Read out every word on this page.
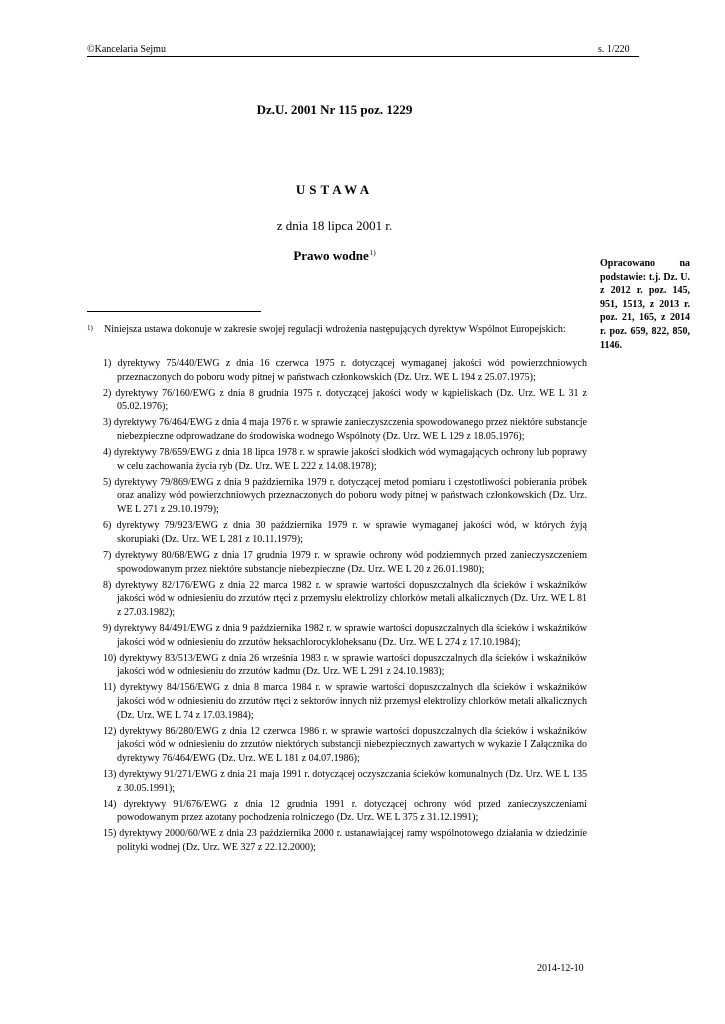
©Kancelaria Sejmu	s. 1/220
Dz.U. 2001 Nr 115 poz. 1229
USTAWA
z dnia 18 lipca 2001 r.
Prawo wodne$^{1)}$
Opracowano na podstawie: t.j. Dz. U. z 2012 r. poz. 145, 951, 1513, z 2013 r. poz. 21, 165, z 2014 r. poz. 659, 822, 850, 1146.
1) Niniejsza ustawa dokonuje w zakresie swojej regulacji wdrożenia następujących dyrektyw Wspólnot Europejskich:
1) dyrektywy 75/440/EWG z dnia 16 czerwca 1975 r. dotyczącej wymaganej jakości wód powierzchniowych przeznaczonych do poboru wody pitnej w państwach członkowskich (Dz. Urz. WE L 194 z 25.07.1975);
2) dyrektywy 76/160/EWG z dnia 8 grudnia 1975 r. dotyczącej jakości wody w kąpieliskach (Dz. Urz. WE L 31 z 05.02.1976);
3) dyrektywy 76/464/EWG z dnia 4 maja 1976 r. w sprawie zanieczyszczenia spowodowanego przez niektóre substancje niebezpieczne odprowadzane do środowiska wodnego Wspólnoty (Dz. Urz. WE L 129 z 18.05.1976);
4) dyrektywy 78/659/EWG z dnia 18 lipca 1978 r. w sprawie jakości słodkich wód wymagających ochrony lub poprawy w celu zachowania życia ryb (Dz. Urz. WE L 222 z 14.08.1978);
5) dyrektywy 79/869/EWG z dnia 9 października 1979 r. dotyczącej metod pomiaru i częstotliwości pobierania próbek oraz analizy wód powierzchniowych przeznaczonych do poboru wody pitnej w państwach członkowskich (Dz. Urz. WE L 271 z 29.10.1979);
6) dyrektywy 79/923/EWG z dnia 30 października 1979 r. w sprawie wymaganej jakości wód, w których żyją skorupiaki (Dz. Urz. WE L 281 z 10.11.1979);
7) dyrektywy 80/68/EWG z dnia 17 grudnia 1979 r. w sprawie ochrony wód podziemnych przed zanieczyszczeniem spowodowanym przez niektóre substancje niebezpieczne (Dz. Urz. WE L 20 z 26.01.1980);
8) dyrektywy 82/176/EWG z dnia 22 marca 1982 r. w sprawie wartości dopuszczalnych dla ścieków i wskaźników jakości wód w odniesieniu do zrzutów rtęci z przemysłu elektrolizy chlorków metali alkalicznych (Dz. Urz. WE L 81 z 27.03.1982);
9) dyrektywy 84/491/EWG z dnia 9 października 1982 r. w sprawie wartości dopuszczalnych dla ścieków i wskaźników jakości wód w odniesieniu do zrzutów heksachlorocykloheksanu (Dz. Urz. WE L 274 z 17.10.1984);
10) dyrektywy 83/513/EWG z dnia 26 września 1983 r. w sprawie wartości dopuszczalnych dla ścieków i wskaźników jakości wód w odniesieniu do zrzutów kadmu (Dz. Urz. WE L 291 z 24.10.1983);
11) dyrektywy 84/156/EWG z dnia 8 marca 1984 r. w sprawie wartości dopuszczalnych dla ścieków i wskaźników jakości wód w odniesieniu do zrzutów rtęci z sektorów innych niż przemysł elektrolizy chlorków metali alkalicznych (Dz. Urz. WE L 74 z 17.03.1984);
12) dyrektywy 86/280/EWG z dnia 12 czerwca 1986 r. w sprawie wartości dopuszczalnych dla ścieków i wskaźników jakości wód w odniesieniu do zrzutów niektórych substancji niebezpiecznych zawartych w wykazie I Załącznika do dyrektywy 76/464/EWG (Dz. Urz. WE L 181 z 04.07.1986);
13) dyrektywy 91/271/EWG z dnia 21 maja 1991 r. dotyczącej oczyszczania ścieków komunalnych (Dz. Urz. WE L 135 z 30.05.1991);
14) dyrektywy 91/676/EWG z dnia 12 grudnia 1991 r. dotyczącej ochrony wód przed zanieczyszczeniami powodowanym przez azotany pochodzenia rolniczego (Dz. Urz. WE L 375 z 31.12.1991);
15) dyrektywy 2000/60/WE z dnia 23 października 2000 r. ustanawiającej ramy wspólnotowego działania w dziedzinie polityki wodnej (Dz. Urz. WE 327 z 22.12.2000);
2014-12-10
